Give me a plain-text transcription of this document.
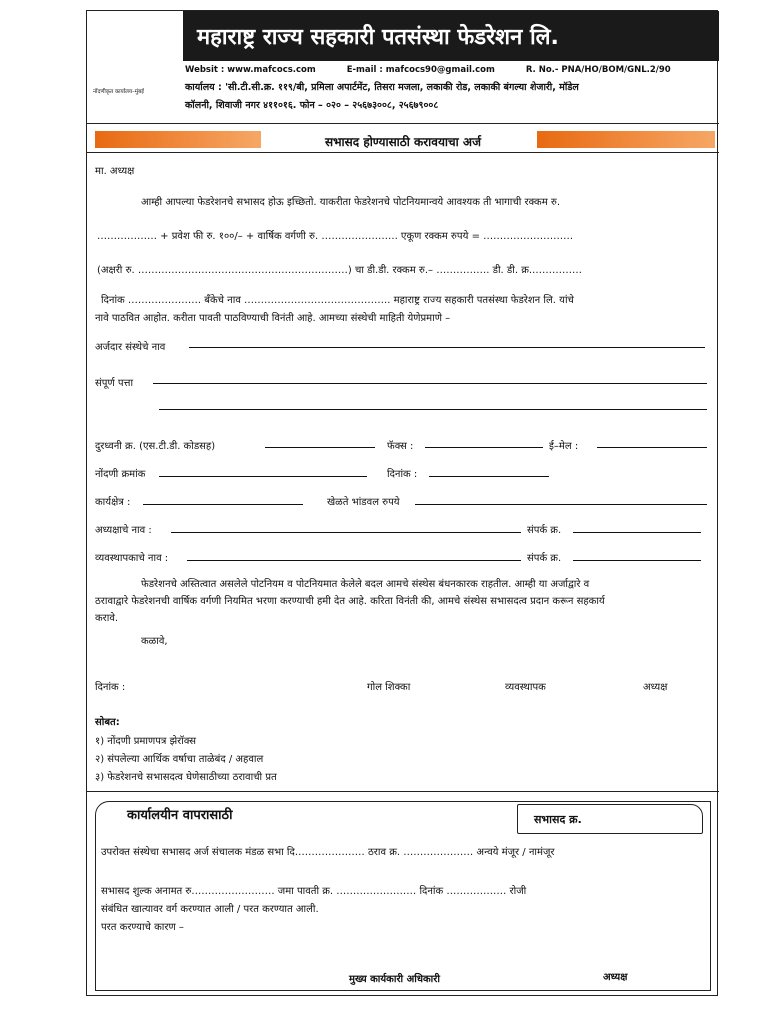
नोंदणीकृत कार्यालय–मुंबई
महाराष्ट्र राज्य सहकारी पतसंस्था फेडरेशन लि.
Websit : www.mafcocs.com	E-mail : mafcocs90@gmail.com	R. No.- PNA/HO/BOM/GNL.2/90
कार्यालय : 'सी.टी.सी.क्र. ११९/बी, प्रमिला अपार्टमेंट, तिसरा मजला, लकाकी रोड, लकाकी बंगल्या शेजारी, मॉडेल
कॉलनी, शिवाजी नगर ४११०१६. फोन – ०२० – २५६७३००८, २५६७९००८
सभासद होण्यासाठी करावयाचा अर्ज
मा. अध्यक्ष
आम्ही आपल्या फेडरेशनचे सभासद होऊ इच्छितो. याकरीता फेडरेशनचे पोटनियमान्वये आवश्यक ती भागाची रक्कम रु.
……………… + प्रवेश फी रु. १००/– + वार्षिक वर्गणी रु. ………………….. एकूण रक्कम रुपये = ………………………
(अक्षरी रु. ………………………………………………………) चा डी.डी. रक्कम रु.– ……………. डी. डी. क्र.……………
दिनांक …………………. बँकेचे नाव …………………………………….. महाराष्ट्र राज्य सहकारी पतसंस्था फेडरेशन लि. यांचे
नावे पाठवित आहोत. करीता पावती पाठविण्याची विनंती आहे. आमच्या संस्थेची माहिती येणेप्रमाणे –
अर्जदार संस्थेचे नाव
संपूर्ण पत्ता
दुरध्वनी क्र. (एस.टी.डी. कोडसह)	फॅक्स :	ई–मेल :
नोंदणी क्रमांक	दिनांक :
कार्यक्षेत्र :	खेळते भांडवल रुपये
अध्यक्षाचे नाव :	संपर्क क्र.
व्यवस्थापकाचे नाव :	संपर्क क्र.
फेडरेशनचे अस्तित्वात असलेले पोटनियम व पोटनियमात केलेले बदल आमचे संस्थेस बंधनकारक राहतील. आम्ही या अर्जाद्वारे व
ठरावाद्वारे फेडरेशनची वार्षिक वर्गणी नियमित भरणा करण्याची हमी देत आहे. करिता विनंती की, आमचे संस्थेस सभासदत्व प्रदान करून सहकार्य
करावे.
कळावे,
दिनांक :	गोल शिक्का	व्यवस्थापक	अध्यक्ष
सोबत:
१) नोंदणी प्रमाणपत्र झेरॉक्स
२) संपलेल्या आर्थिक वर्षाचा ताळेबंद / अहवाल
३) फेडरेशनचे सभासदत्व घेणेसाठीच्या ठरावाची प्रत
कार्यालयीन वापरासाठी	सभासद क्र.
उपरोक्त संस्थेचा सभासद अर्ज संचालक मंडळ सभा दि………………… ठराव क्र. ………………… अन्वये मंजूर / नामंजूर
सभासद शुल्क अनामत रु.…………………… जमा पावती क्र. …………………… दिनांक ……………… रोजी
संबंधित खात्यावर वर्ग करण्यात आली / परत करण्यात आली.
परत करण्याचे कारण –
मुख्य कार्यकारी अधिकारी	अध्यक्ष
